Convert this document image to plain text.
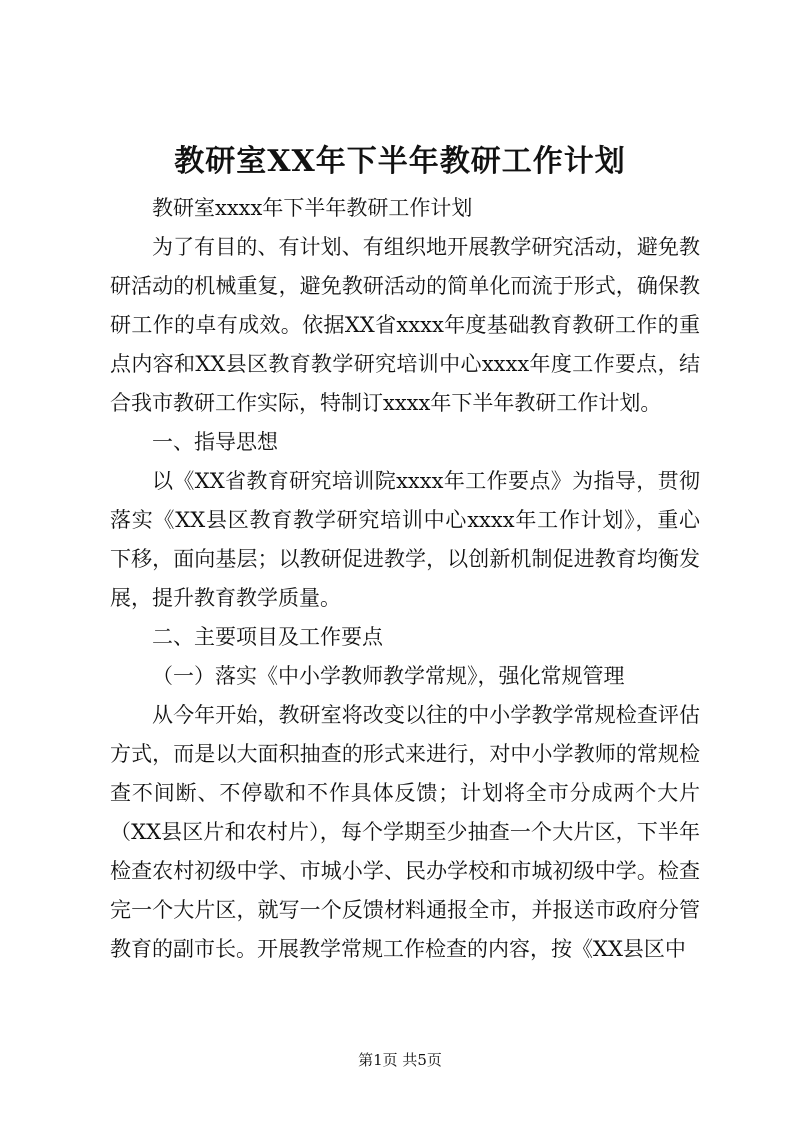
教研室XX年下半年教研工作计划

教研室xxxx年下半年教研工作计划

为了有目的、有计划、有组织地开展教学研究活动，避免教研活动的机械重复，避免教研活动的简单化而流于形式，确保教研工作的卓有成效。依据XX省xxxx年度基础教育教研工作的重点内容和XX县区教育教学研究培训中心xxxx年度工作要点，结合我市教研工作实际，特制订xxxx年下半年教研工作计划。

一、指导思想

以《XX省教育研究培训院xxxx年工作要点》为指导，贯彻落实《XX县区教育教学研究培训中心xxxx年工作计划》，重心下移，面向基层；以教研促进教学，以创新机制促进教育均衡发展，提升教育教学质量。

二、主要项目及工作要点

（一）落实《中小学教师教学常规》，强化常规管理

从今年开始，教研室将改变以往的中小学教学常规检查评估方式，而是以大面积抽查的形式来进行，对中小学教师的常规检查不间断、不停歇和不作具体反馈；计划将全市分成两个大片（XX县区片和农村片），每个学期至少抽查一个大片区，下半年检查农村初级中学、市城小学、民办学校和市城初级中学。检查完一个大片区，就写一个反馈材料通报全市，并报送市政府分管教育的副市长。开展教学常规工作检查的内容，按《XX县区中

第1页 共5页
